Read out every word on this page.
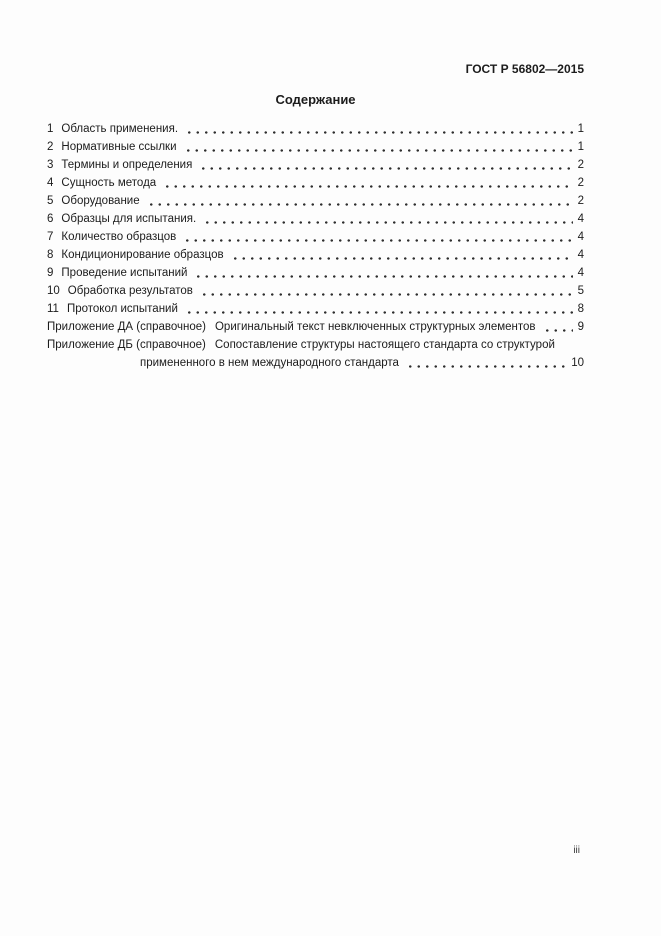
ГОСТ Р 56802—2015
Содержание
1 Область применения.	1
2 Нормативные ссылки	1
3 Термины и определения	2
4 Сущность метода	2
5 Оборудование	2
6 Образцы для испытания.	4
7 Количество образцов	4
8 Кондиционирование образцов	4
9 Проведение испытаний	4
10 Обработка результатов	5
11 Протокол испытаний	8
Приложение ДА (справочное) Оригинальный текст невключенных структурных элементов	9
Приложение ДБ (справочное) Сопоставление структуры настоящего стандарта со структурой
примененного в нем международного стандарта	10
iii
